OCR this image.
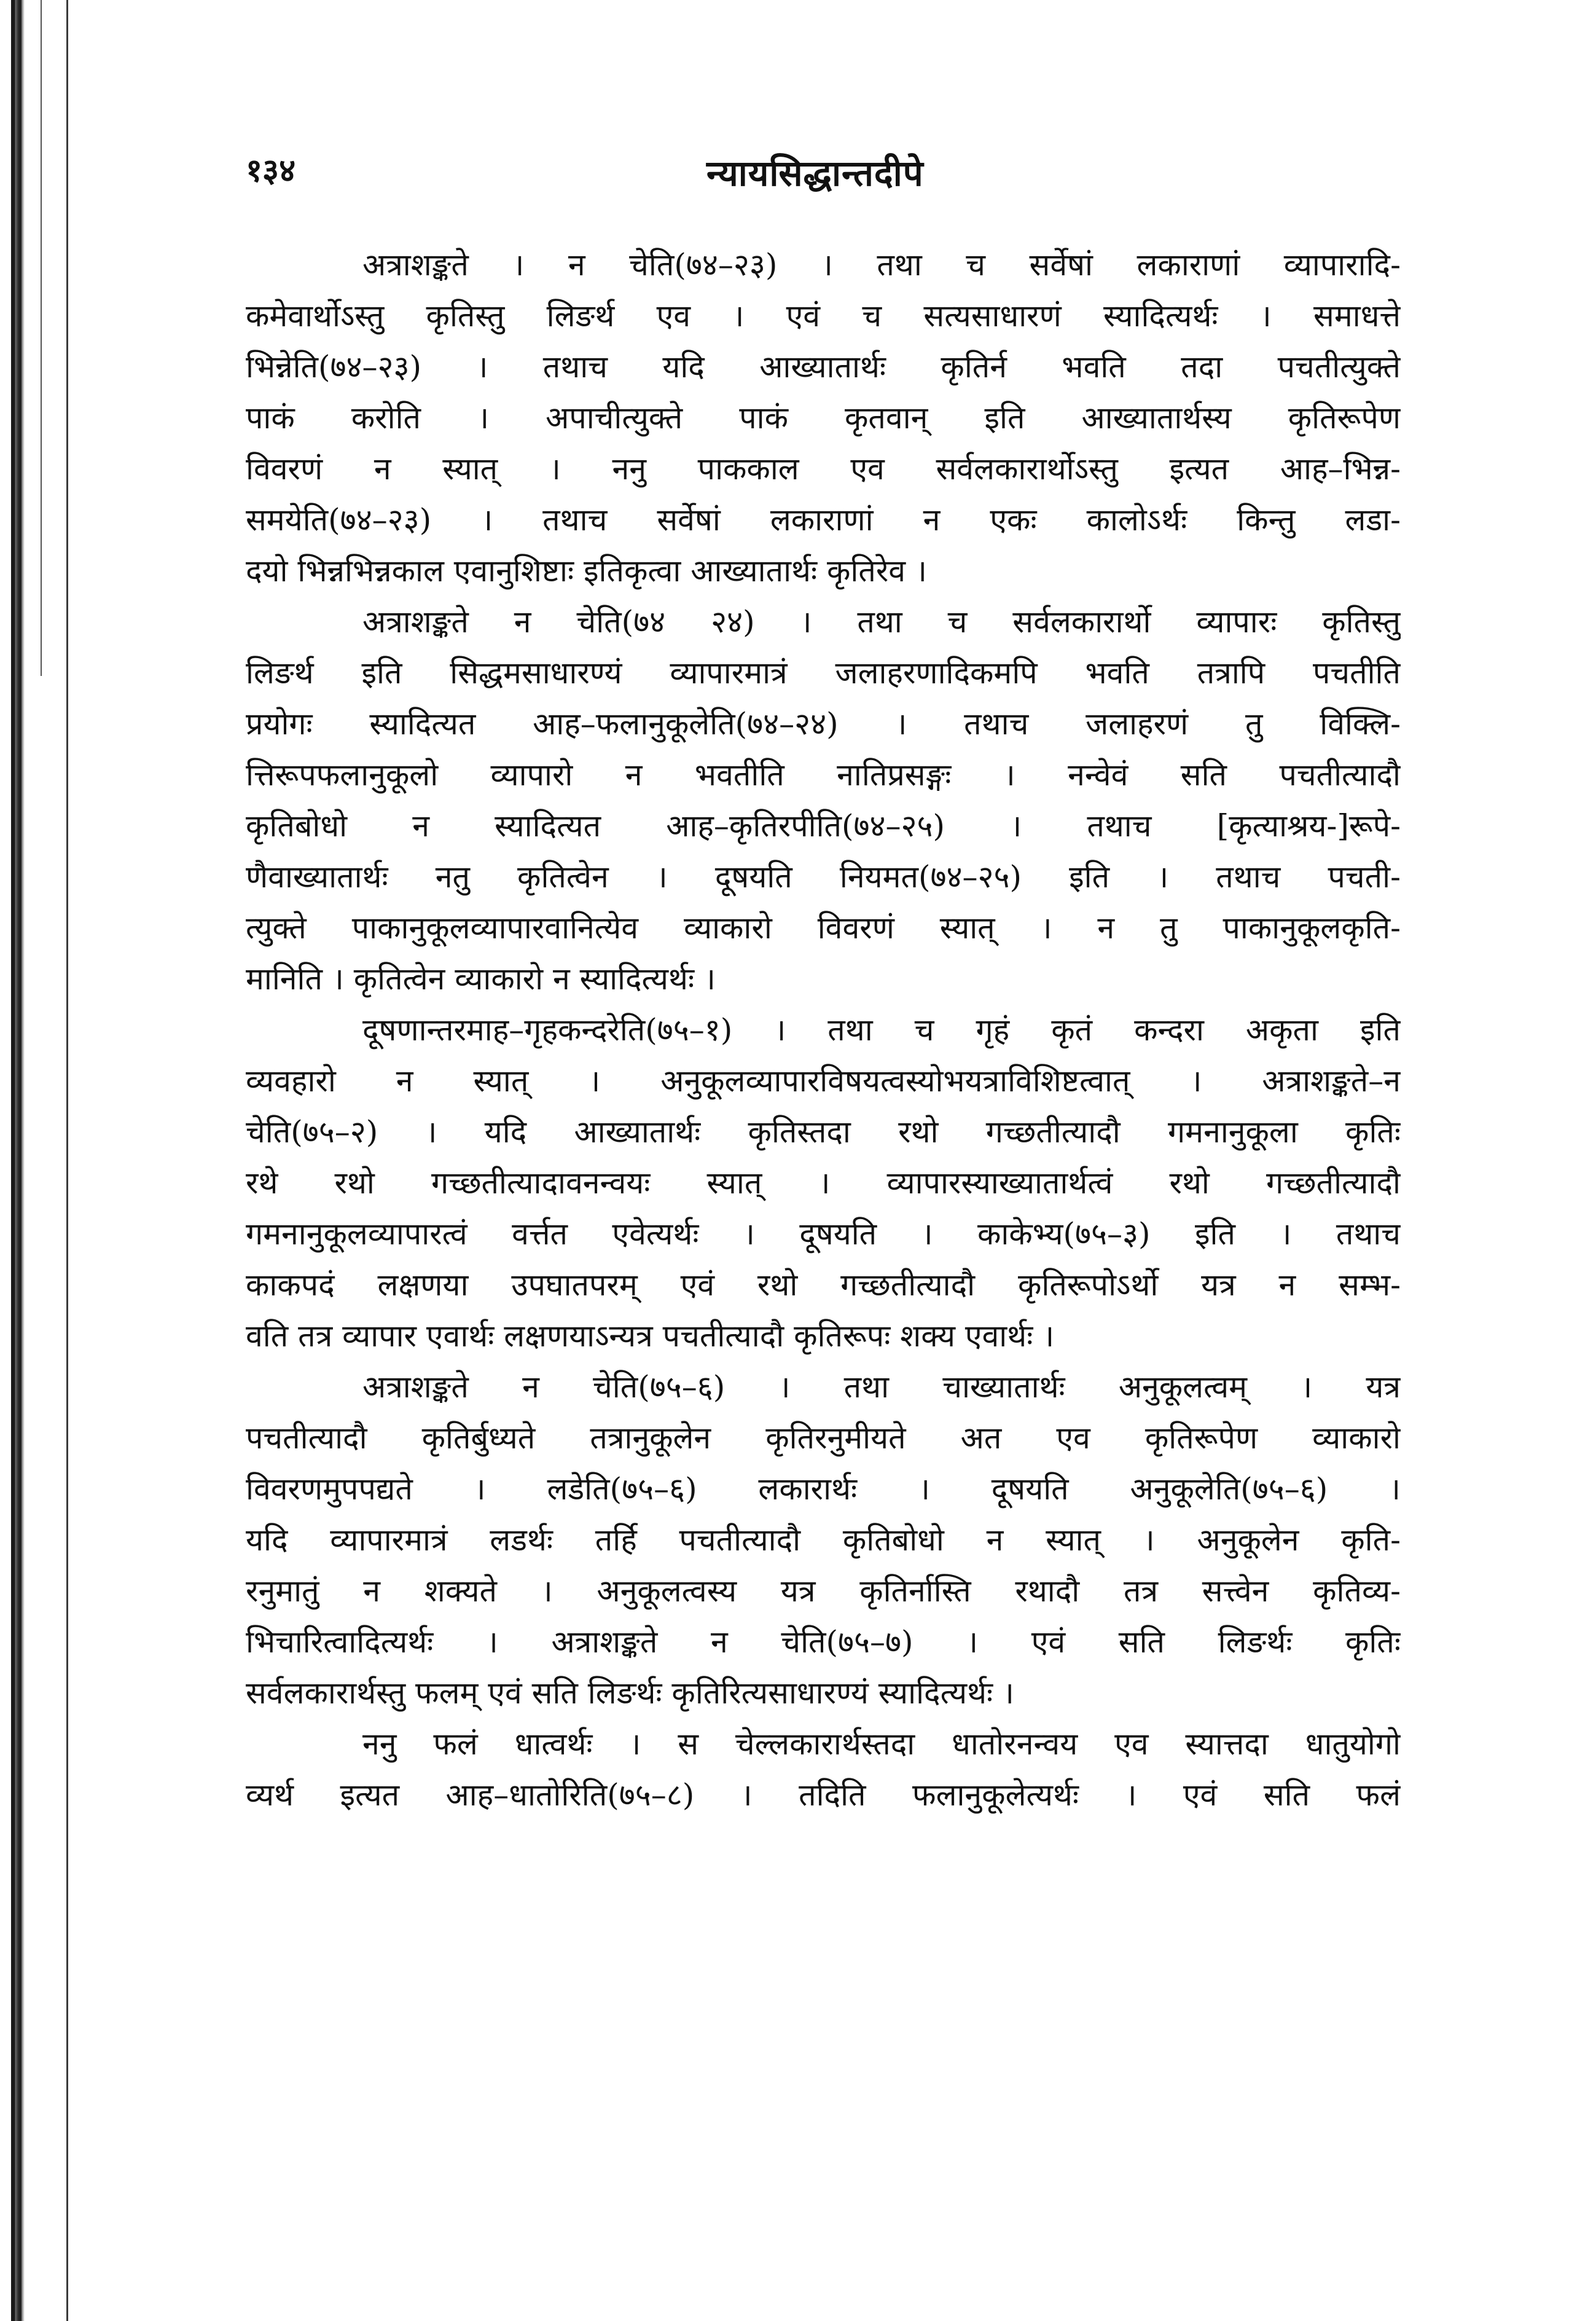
१३४	न्यायसिद्धान्तदीपे
अत्राशङ्कते । न चेति(७४–२३) । तथा च सर्वेषां लकाराणां व्यापारादि-
कमेवार्थोऽस्तु कृतिस्तु लिङर्थ एव । एवं च सत्यसाधारणं स्यादित्यर्थः । समाधत्ते
भिन्नेति(७४–२३) । तथाच यदि आख्यातार्थः कृतिर्न भवति तदा पचतीत्युक्ते
पाकं करोति । अपाचीत्युक्ते पाकं कृतवान् इति आख्यातार्थस्य कृतिरूपेण
विवरणं न स्यात् । ननु पाककाल एव सर्वलकारार्थोऽस्तु इत्यत आह–भिन्न-
समयेति(७४–२३) । तथाच सर्वेषां लकाराणां न एकः कालोऽर्थः किन्तु लडा-
दयो भिन्नभिन्नकाल एवानुशिष्टाः इतिकृत्वा आख्यातार्थः कृतिरेव ।
अत्राशङ्कते न चेति(७४ २४) । तथा च सर्वलकारार्थो व्यापारः कृतिस्तु
लिङर्थ इति सिद्धमसाधारण्यं व्यापारमात्रं जलाहरणादिकमपि भवति तत्रापि पचतीति
प्रयोगः स्यादित्यत आह–फलानुकूलेति(७४–२४) । तथाच जलाहरणं तु विक्लि-
त्तिरूपफलानुकूलो व्यापारो न भवतीति नातिप्रसङ्गः । नन्वेवं सति पचतीत्यादौ
कृतिबोधो न स्यादित्यत आह–कृतिरपीति(७४–२५) । तथाच [कृत्याश्रय-]रूपे-
णैवाख्यातार्थः नतु कृतित्वेन । दूषयति नियमत(७४–२५) इति । तथाच पचती-
त्युक्ते पाकानुकूलव्यापारवानित्येव व्याकारो विवरणं स्यात् । न तु पाकानुकूलकृति-
मानिति । कृतित्वेन व्याकारो न स्यादित्यर्थः ।
दूषणान्तरमाह–गृहकन्दरेति(७५–१) । तथा च गृहं कृतं कन्दरा अकृता इति
व्यवहारो न स्यात् । अनुकूलव्यापारविषयत्वस्योभयत्राविशिष्टत्वात् । अत्राशङ्कते–न
चेति(७५–२) । यदि आख्यातार्थः कृतिस्तदा रथो गच्छतीत्यादौ गमनानुकूला कृतिः
रथे रथो गच्छतीत्यादावनन्वयः स्यात् । व्यापारस्याख्यातार्थत्वं रथो गच्छतीत्यादौ
गमनानुकूलव्यापारत्वं वर्त्तत एवेत्यर्थः । दूषयति । काकेभ्य(७५–३) इति । तथाच
काकपदं लक्षणया उपघातपरम् एवं रथो गच्छतीत्यादौ कृतिरूपोऽर्थो यत्र न सम्भ-
वति तत्र व्यापार एवार्थः लक्षणयाऽन्यत्र पचतीत्यादौ कृतिरूपः शक्य एवार्थः ।
अत्राशङ्कते न चेति(७५–६) । तथा चाख्यातार्थः अनुकूलत्वम् । यत्र
पचतीत्यादौ कृतिर्बुध्यते तत्रानुकूलेन कृतिरनुमीयते अत एव कृतिरूपेण व्याकारो
विवरणमुपपद्यते । लडेति(७५–६) लकारार्थः । दूषयति अनुकूलेति(७५–६) ।
यदि व्यापारमात्रं लडर्थः तर्हि पचतीत्यादौ कृतिबोधो न स्यात् । अनुकूलेन कृति-
रनुमातुं न शक्यते । अनुकूलत्वस्य यत्र कृतिर्नास्ति रथादौ तत्र सत्त्वेन कृतिव्य-
भिचारित्वादित्यर्थः । अत्राशङ्कते न चेति(७५–७) । एवं सति लिङर्थः कृतिः
सर्वलकारार्थस्तु फलम् एवं सति लिङर्थः कृतिरित्यसाधारण्यं स्यादित्यर्थः ।
ननु फलं धात्वर्थः । स चेल्लकारार्थस्तदा धातोरनन्वय एव स्यात्तदा धातुयोगो
व्यर्थ इत्यत आह–धातोरिति(७५–८) । तदिति फलानुकूलेत्यर्थः । एवं सति फलं
